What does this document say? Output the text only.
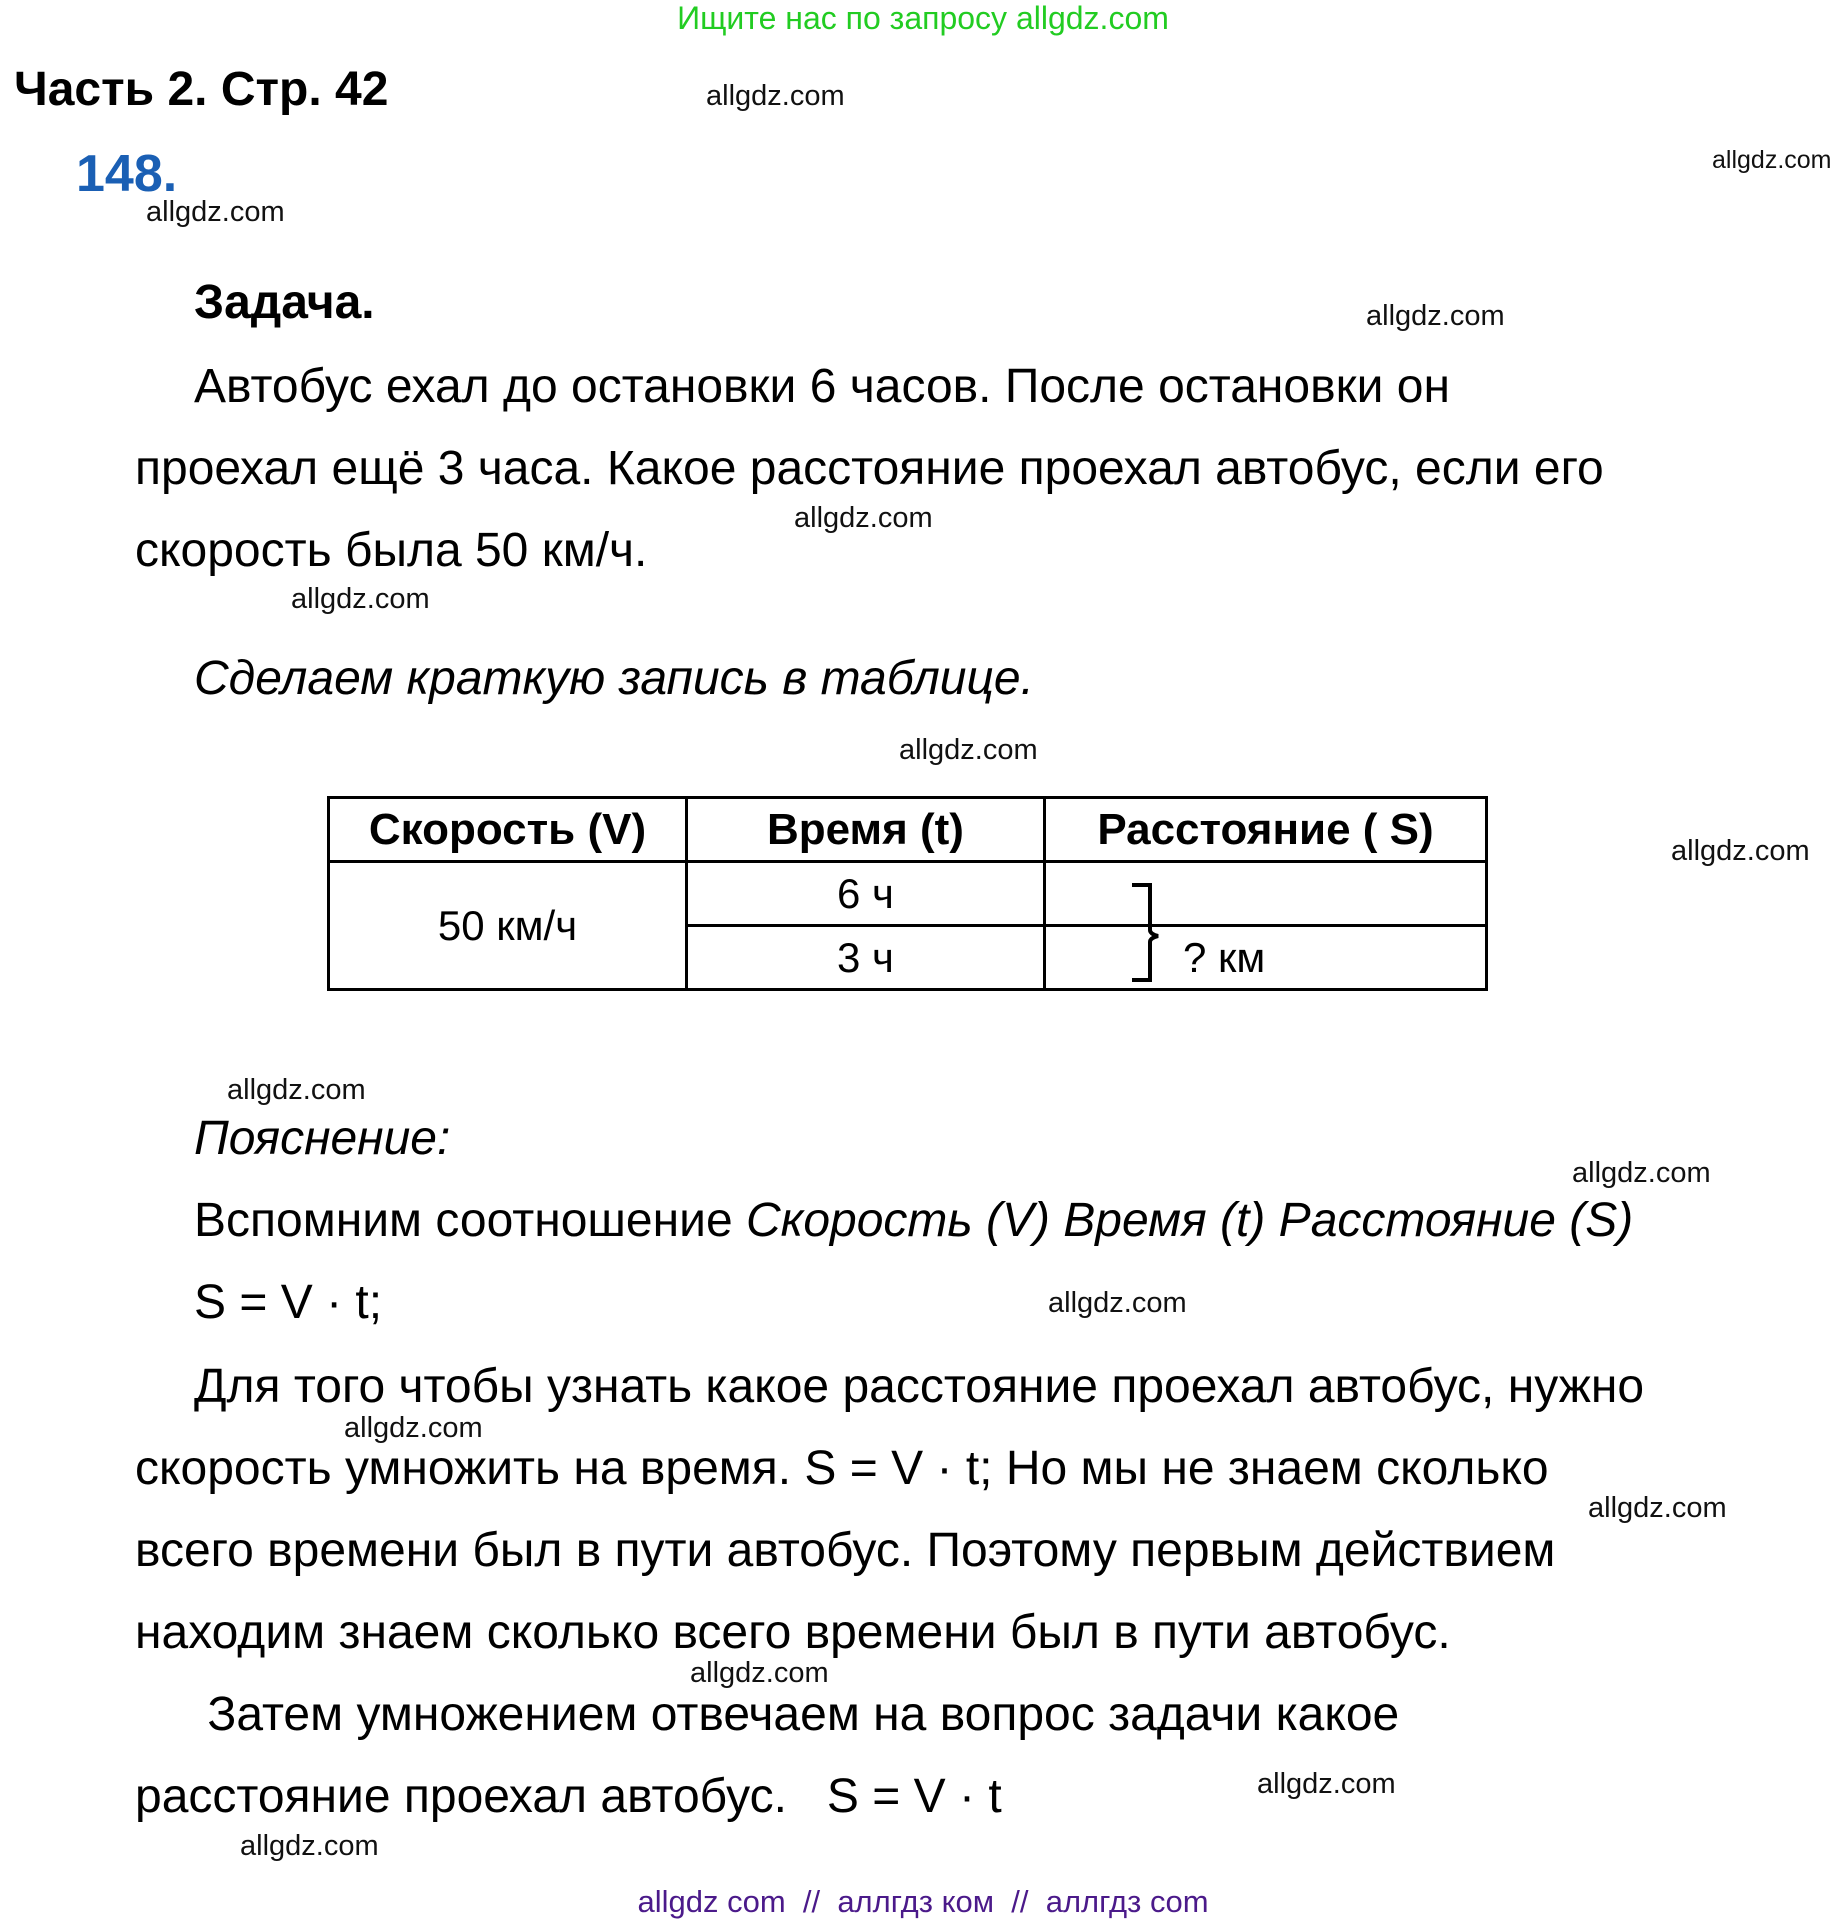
Ищите нас по запросу allgdz.com
Часть 2. Стр. 42	allgdz.com
148.	allgdz.com
allgdz.com
Задача.	allgdz.com
Автобус ехал до остановки 6 часов. После остановки он
проехал ещё 3 часа. Какое расстояние проехал автобус, если его
скорость была 50 км/ч.
allgdz.com
allgdz.com
Сделаем краткую запись в таблице.
allgdz.com
Скорость (V)	Время (t)	Расстояние ( S)
50 км/ч	6 ч	
	3 ч		? км
allgdz.com
allgdz.com
Пояснение:
allgdz.com
Вспомним соотношение Скорость (V) Время (t) Расстояние (S)
S = V · t;	allgdz.com
Для того чтобы узнать какое расстояние проехал автобус, нужно
allgdz.com
скорость умножить на время. S = V · t; Но мы не знаем сколько
allgdz.com
всего времени был в пути автобус. Поэтому первым действием
находим знаем сколько всего времени был в пути автобус.
allgdz.com
Затем умножением отвечаем на вопрос задачи какое
расстояние проехал автобус.   S = V · t	allgdz.com
allgdz.com
allgdz com  //  аллгдз ком  //  аллгдз com
